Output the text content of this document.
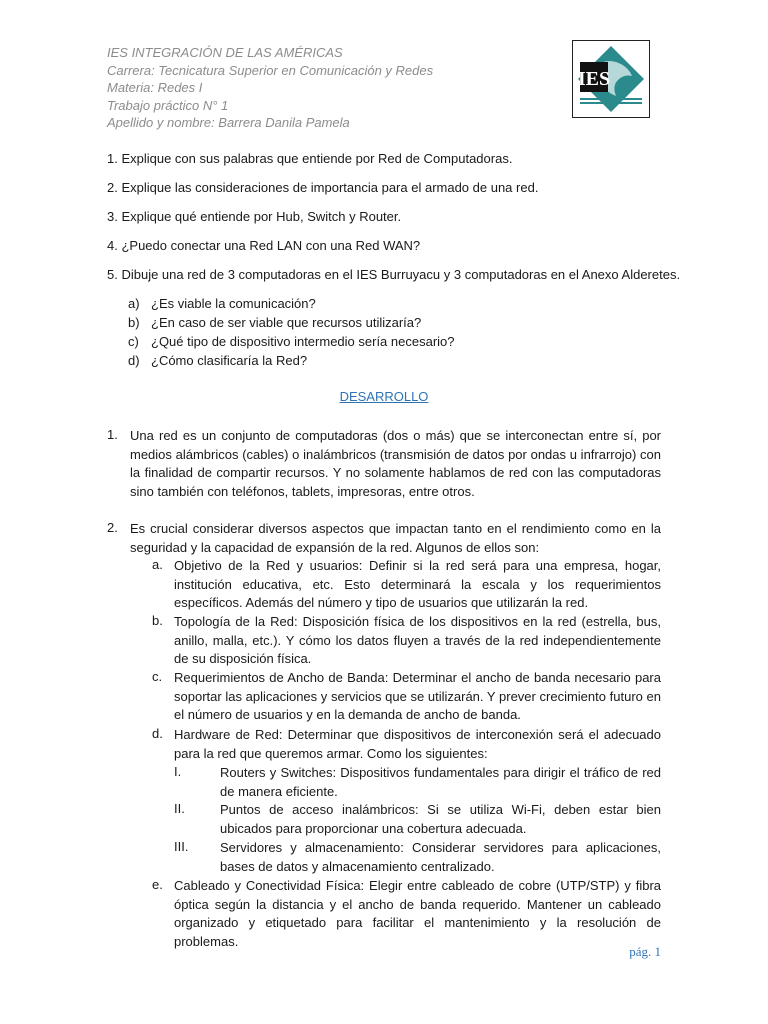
IES INTEGRACIÓN DE LAS AMÉRICAS
Carrera: Tecnicatura Superior en Comunicación y Redes
Materia: Redes I
Trabajo práctico N° 1
Apellido y nombre: Barrera Danila Pamela
IES
1. Explique con sus palabras que entiende por Red de Computadoras.
2. Explique las consideraciones de importancia para el armado de una red.
3. Explique qué entiende por Hub, Switch y Router.
4. ¿Puedo conectar una Red LAN con una Red WAN?
5. Dibuje una red de 3 computadoras en el IES Burruyacu y 3 computadoras en el Anexo Alderetes.
a) ¿Es viable la comunicación?
b) ¿En caso de ser viable que recursos utilizaría?
c) ¿Qué tipo de dispositivo intermedio sería necesario?
d) ¿Cómo clasificaría la Red?
DESARROLLO
1. Una red es un conjunto de computadoras (dos o más) que se interconectan entre sí, por medios alámbricos (cables) o inalámbricos (transmisión de datos por ondas u infrarrojo) con la finalidad de compartir recursos. Y no solamente hablamos de red con las computadoras sino también con teléfonos, tablets, impresoras, entre otros.

2. Es crucial considerar diversos aspectos que impactan tanto en el rendimiento como en la seguridad y la capacidad de expansión de la red. Algunos de ellos son:

a. Objetivo de la Red y usuarios: Definir si la red será para una empresa, hogar, institución educativa, etc. Esto determinará la escala y los requerimientos específicos. Además del número y tipo de usuarios que utilizarán la red.

b. Topología de la Red: Disposición física de los dispositivos en la red (estrella, bus, anillo, malla, etc.). Y cómo los datos fluyen a través de la red independientemente de su disposición física.

c. Requerimientos de Ancho de Banda: Determinar el ancho de banda necesario para soportar las aplicaciones y servicios que se utilizarán. Y prever crecimiento futuro en el número de usuarios y en la demanda de ancho de banda.

d. Hardware de Red: Determinar que dispositivos de interconexión será el adecuado para la red que queremos armar. Como los siguientes:

I.	Routers y Switches: Dispositivos fundamentales para dirigir el tráfico de red de manera eficiente.

II.	Puntos de acceso inalámbricos: Si se utiliza Wi-Fi, deben estar bien ubicados para proporcionar una cobertura adecuada.

III. Servidores y almacenamiento: Considerar servidores para aplicaciones, bases de datos y almacenamiento centralizado.

e. Cableado y Conectividad Física: Elegir entre cableado de cobre (UTP/STP) y fibra óptica según la distancia y el ancho de banda requerido. Mantener un cableado organizado y etiquetado para facilitar el mantenimiento y la resolución de problemas.

pág. 1
